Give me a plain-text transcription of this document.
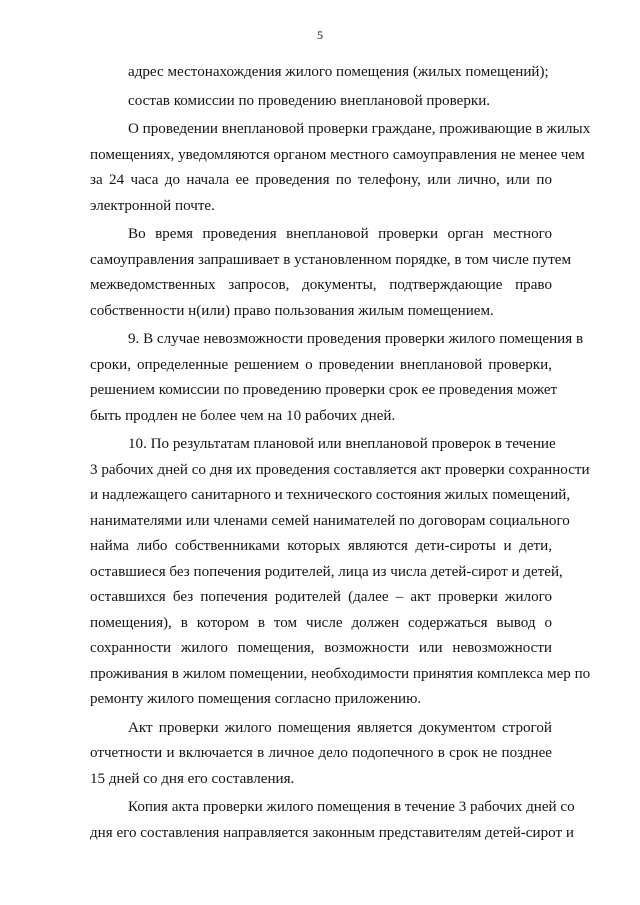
5
адрес местонахождения жилого помещения (жилых помещений);
состав комиссии по проведению внеплановой проверки.
О проведении внеплановой проверки граждане, проживающие в жилых
помещениях, уведомляются органом местного самоуправления не менее чем
за 24 часа до начала ее проведения по телефону, или лично, или по
электронной почте.
Во время проведения внеплановой проверки орган местного
самоуправления запрашивает в установленном порядке, в том числе путем
межведомственных запросов, документы, подтверждающие право
собственности н(или) право пользования жилым помещением.
9. В случае невозможности проведения проверки жилого помещения в
сроки, определенные решением о проведении внеплановой проверки,
решением комиссии по проведению проверки срок ее проведения может
быть продлен не более чем на 10 рабочих дней.
10. По результатам плановой или внеплановой проверок в течение
3 рабочих дней со дня их проведения составляется акт проверки сохранности
и надлежащего санитарного и технического состояния жилых помещений,
нанимателями или членами семей нанимателей по договорам социального
найма либо собственниками которых являются дети-сироты и дети,
оставшиеся без попечения родителей, лица из числа детей-сирот и детей,
оставшихся без попечения родителей (далее – акт проверки жилого
помещения), в котором в том числе должен содержаться вывод о
сохранности жилого помещения, возможности или невозможности
проживания в жилом помещении, необходимости принятия комплекса мер по
ремонту жилого помещения согласно приложению.
Акт проверки жилого помещения является документом строгой
отчетности и включается в личное дело подопечного в срок не позднее
15 дней со дня его составления.
Копия акта проверки жилого помещения в течение 3 рабочих дней со
дня его составления направляется законным представителям детей-сирот и
